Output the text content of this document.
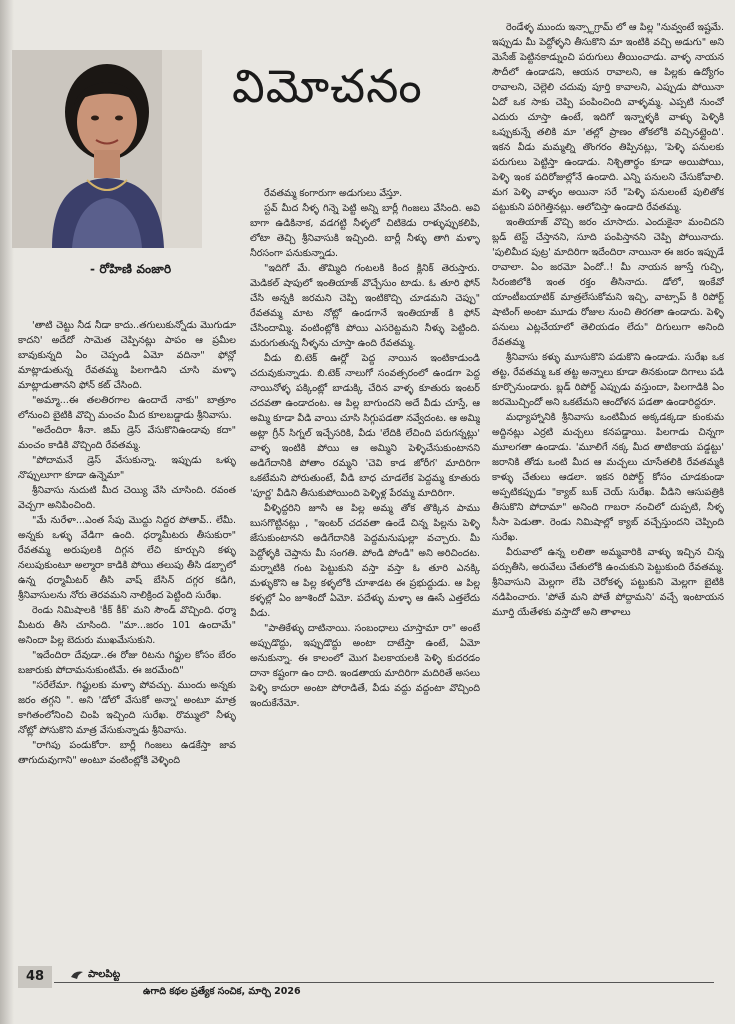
విమోచనం
- రోహిణి వంజారి

'తాటి చెట్టు నీడ నీడా కాదు..తగులుకున్నోడు మొగుడూ కాదని' అదేదో సామెత చెప్పినట్లు పాపం ఆ ప్రమీల బావుకున్నది ఏం చెప్పండి ఏమో వదినా" ఫోన్లో మాట్లాడుతున్న రేవతమ్మ పిలగాడిని చూసి మళ్ళా మాట్లాడుతానని ఫోన్ కట్ చేసింది.

"అమ్మా...ఈ తలతిరగాల ఉందాదే నాకు" బాత్రూం లోనుంచి బైటికి వొచ్చి మంచం మీద కూలబడ్డాడు శ్రీనివాసు.

"అదేందిరా శీనా. జిమ్ డ్రెస్ వేసుకొనిఉండావు కదా" మంచం కాడికి వొచ్చింది రేవతమ్మ.

"పోదామనే డ్రెస్ వేసుకున్నా. ఇప్పుడు ఒళ్ళు నొప్పులూగా కూడా ఉన్నెమా"

శ్రీనివాసు నుదుటి మీద చెయ్యి వేసి చూసింది. రవంత వెచ్చగా అనిపించింది.

"మే నురేళా...ఎంత సేపు మొద్దు నిద్దర పోతావ్.. లేమీ. అన్నకు ఒళ్ళు వేడిగా ఉంది. ధర్మామీటరు తీసుకురా" రేవతమ్మ అరుపులకి దిగ్గన లేచి కూర్చుని కళ్ళు నలుపుకుంటూ అల్మారా కాడికి పోయి తలుపు తీసి డబ్బాలో ఉన్న ధర్మామీటర్ తీసి వాష్ బేసిన్ దగ్గర కడిగి, శ్రీనివాసులను నోరు తెరవమని నాలిక్రింద పెట్టింది సురేఖ.

రెండు నిమిషాలకి 'కీక్ కీక్' మని సౌండ్ వొచ్చింది. ధర్మా మీటరు తీసి చూసింది. "మా...జరం 101 ఉందామే" అనిందా పిల్ల బెదురు ముఖమేసుకుని.

"ఇదేందిరా దేవుడా..ఈ రోజు రిటను గిఫ్టుల కోసం బేరం బజారుకు పోదామనుకుంటిమే. ఈ జరమేంది"

"సరేలేమా. గిఫ్టులకు మళ్ళా పోవచ్చు. ముందు అన్నకు జరం తగ్గని ". అని 'డోలో వేసుకో అన్నా' అంటూ మాత్ర కాగితంలోనించి చింపి ఇచ్చింది సురేఖ. రొమ్ములొ నీళ్ళు నోట్లో పోసుకొని మాత్ర వేసుకున్నాడు శ్రీనివాసు.

"రాగిపు పండుకోరా. బార్లీ గింజలు ఉడకేస్తా జావ తాగుదువుగాని" అంటూ వంటింట్లోకి వెళ్ళింది

రేవతమ్మ కంగారుగా అడుగులు వేస్తూ.

స్టవ్ మీద నీళ్ళ గిన్నె పెట్టి అన్ని బార్లీ గింజలు వేసింది. అవి బాగా ఉడికినాక, వడగట్టి నీళ్ళలో చిటికెడు రాళ్ళుప్పుకలిపి, లోటా తెచ్చి శ్రీనివాసుకి ఇచ్చింది. బార్లీ నీళ్ళు తాగి మళ్ళా నీరసంగా పనుకున్నాడు.

"ఇదిగో మే. తొమ్మిది గంటలకి కింద క్లినిక్ తెరుస్తారు. మెడికల్ షాపులో ఇంతియాజ్ వొచ్చేసుం టాడు. ఓ తూరి ఫోన్ చేసి అన్నకి జరమని చెప్పి ఇంటికొచ్చి చూడమని చెప్పు" రేవతమ్మ మాట నోట్లో ఉండగానే ఇంతియాజ్ కి ఫోన్ చేసిందామ్మి. వంటింట్లోకి పోయి ఎసరెట్టమని నీళ్ళు పెట్టింది. మరుగుతున్న నీళ్ళను చూస్తా ఉంది రేవతమ్మ.

వీడు బి.టెక్ ఊర్లో పెద్ద నాయిన ఇంటికాడుండి చదువుకున్నాడు. బి.టెక్ నాలుగో సంవత్సరంలో ఉండగా పెద్ద నాయినోళ్ళ పక్కింట్లో బాడుక్కి చేరిన వాళ్ళ కూతురు ఇంటర్ చదవతా ఉండాదంట. ఆ పిల్ల బాగుందని అదే వీడు చూస్తే, ఆ అమ్మి కూడా వీడి వాయి చూసి సిగ్గుపడతా నవ్వేదంట. ఆ అమ్మి అట్లా గ్రీన్ సిగ్నల్ ఇచ్చేసరికి, వీడు 'లేదికి లేచింది పరుగన్నట్లు' వాళ్ళ ఇంటికి పోయి ఆ అమ్మిని పెళ్ళిచేసుకుంటానని అడిగేదానికి పోతాం రమ్మని 'చెవి కాడ జోరీగ' మాదిరిగా ఒకటేమని పోరుతుంటే, వీడి బాధ చూడలేక పెద్దమ్మ కూతురు 'పూర్ణ' వీడిని తీసుకుపోయింది పెళ్ళిళ్ల పేరమ్మ మాదిరిగా.

వీళ్ళిద్దరిని జూసి ఆ పిల్ల అమ్మ తోక తొక్కిన పాము బుసగొట్టినట్లు , "ఇంటర్ చదవతా ఉండే చిన్న పిల్లను పెళ్ళి జేసుకుంటానని అడిగేదానికి పెద్దమనుషుల్లా వచ్చారు. మీ పెద్దోళ్ళకి చెప్తాను మీ సంగతి. పోండి పోండి" అని అరిచిందట. మర్నాటికి గంట పెట్టుకుని వస్తా వస్తా ఓ తూరి ఎనక్కి మళ్ళుకొని ఆ పిల్ల కళ్ళలోకి చూశాడట ఈ ప్రభుద్దుడు. ఆ పిల్ల కళ్ళల్లో ఏం జూశిందో ఏమో. పదేళ్ళు మళ్ళా ఆ ఊసే ఎత్తలేదు వీడు.

"పాతికేళ్ళు దాటినాయి. సంబంధాలు చూస్తామా రా" అంటే అప్పుడొద్దు, ఇప్పుడొద్దు అంటా దాటేస్తా ఉంటే, ఏమో అనుకున్నా. ఈ కాలంలో మొగ పిలకాయలకి పెళ్ళి కుదరడం దానా కష్టంగా ఉం దాది. ఇండతాయ మాదిరిగా మదిరితే అసలు పెళ్ళి కాదురా అంటా పోరాడితే, వీడు వద్దు వద్దంటా వొచ్చింది ఇందుకేనేమో.

రెండేళ్ళ ముందు ఇన్స్టాగ్రామ్ లో ఆ పిల్ల "నువ్వంటే ఇష్టమే. ఇప్పుడు మీ పెద్దోళ్ళని తీసుకొని మా ఇంటికి వచ్చి అడుగు" అని మెసేజ్ పెట్టినకాడ్నుంచి పరుగులు తీయించాడు. వాళ్ళ నాయన సౌదీలో ఉండాడని, ఆయన రావాలని, ఆ పిల్లకు ఉద్యోగం రావాలని, చెల్లెలి చదువు పూర్తి కావాలని, ఎప్పుడు పోయినా ఏదో ఒక సాకు చెప్పి పంపించింది వాళ్ళమ్మ. ఎప్పటి నుంచో ఎదురు చూస్తా ఉంటే, ఇదిగో ఇన్నాళ్ళకి వాళ్ళు పెళ్ళికి ఒప్పుకున్నే తలికి మా 'తల్లో ప్రాణం తోకలోకి వచ్చినట్లైంది'. ఇకన వీడు మమ్మల్ని తొంగరం తిప్పినట్లు, 'పెళ్ళి పనులకు పరుగులు పెట్టిస్తా ఉండాడు. నిశ్చితార్థం కూడా అయిపోయి, పెళ్ళి ఇంక పదిరోజుల్లోనే ఉండాది. ఎన్ని పనులని చేసుకోవాలి. మగ పెళ్ళి వాళ్ళం అయినా సరే "పెళ్ళి పనులంటే పులితోక పట్టుకుని పరిగెత్తినట్లు. ఆలోచిస్తా ఉండాది రేవతమ్మ.

ఇంతియాజ్ వొచ్చి జరం చూసాదు. ఎందుకైనా మంచిదని బ్లడ్ టెస్ట్ చేస్తానని, సూది పంపిస్తానని చెప్పి పోయినాదు. 'పులిమీద పుట్ర' మాదిరిగా ఇదేందిరా నాయినా ఈ జరం ఇప్పుడే రావాలా. ఏం జరమో ఏందో..! మీ నాయన జూస్తే గుచ్చి, సిరంజిలోకి ఇంత రక్తం తీసినాదు. డోలో, ఇంకేవో యాంటీబయాటిక్ మాత్రలేసుకోమని ఇచ్చి, వాట్సాప్ కి రిపోర్ట్ షాటింగ్ అంటా మూడు రోజుల నుంచి తిరగతా ఉండాదు. పెళ్ళి పనులు ఎట్లచేయాలో తెలియడం లేదు" దిగులుగా అనింది రేవతమ్మ

శ్రీనివాసు కళ్ళు మూసుకొని పడుకొని ఉండాడు. సురేఖ ఒక తట్ట, రేవతమ్మ ఒక తట్ట అన్నాలు కూడా తినకుండా దిగాలు పడి కూర్చొనుండారు. బ్లడ్ రిపోర్ట్ ఎప్పుడు వస్తుందా, పిలగాడికి ఏం జరమొచ్చిందో అని ఒకటేమని ఆందోళన పడతా ఉండారిద్దరూ.

మధ్యాహ్నానికి శ్రీనివాసు ఒంటిమీద అక్కడక్కడా కుంకుమ అద్దినట్లు ఎర్రటి మచ్చలు కనపడ్డాయి. పిలగాడు చిన్నగా మూలగతా ఉండాడు. 'మూలిగే నక్క మీద తాటికాయ పడ్డట్టు' జరానికి తోడు ఒంటి మీద ఆ మచ్చలు చూసేతలికి రేవతమ్మకి కాళ్ళు చేతులు ఆడలా. ఇకన రిపోర్ట్ కోసం చూడకుండా అప్పటికప్పుడు "క్యాబ్ బుక్ చెయ్ సురేఖ. వీడిని ఆసుపత్రికి తీసుకొని పోదామా" అనింది గాబరా నంచిలో దుప్పటి, నీళ్ళ సీసా పెడుతా. రెండు నిమిషాల్లో క్యాబ్ వచ్చేస్తుందని చెప్పింది సురేఖ.

వీరువాలో ఉన్న లలితా అమ్మవారికి వాళ్ళు ఇచ్చిన చిన్న పర్సుతీసి, అరువేలు చేతులోకి ఉంచుకుని పెట్టుకుంది రేవతమ్మ. శ్రీనివాసుని మెల్లగా లేపి చెరోకళ్ళ పట్టుకుని మెల్లగా బైటికి నడిపించారు. 'పోతే మని పోతే పోద్దామని' వచ్చే ఇంటాయన మూర్తి యేతేళకు వస్తాదో అని తాళాలు

48	పాలపిట్ట
ఉగాది కథల ప్రత్యేక సంచిక, మార్చి 2026
